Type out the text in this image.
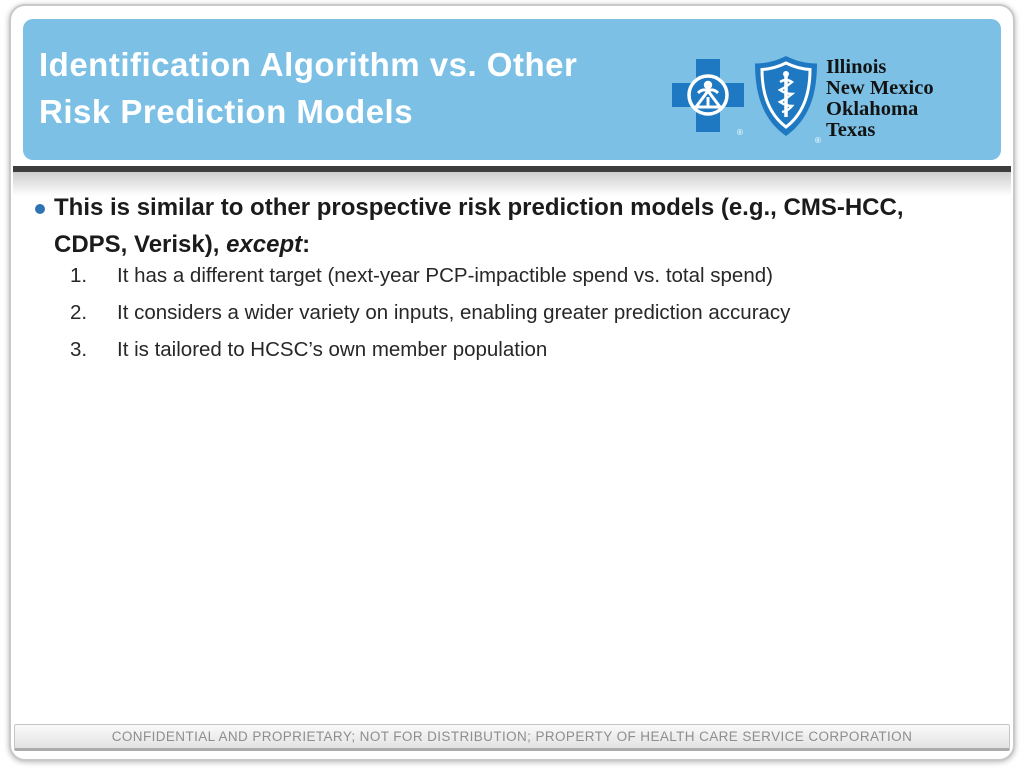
Identification Algorithm vs. Other
Risk Prediction Models
®
®
Illinois
New Mexico
Oklahoma
Texas
This is similar to other prospective risk prediction models (e.g., CMS-HCC, CDPS, Verisk), except:
1.	It has a different target (next-year PCP-impactible spend vs. total spend)
2.	It considers a wider variety on inputs, enabling greater prediction accuracy
3.	It is tailored to HCSC’s own member population
CONFIDENTIAL AND PROPRIETARY; NOT FOR DISTRIBUTION; PROPERTY OF HEALTH CARE SERVICE CORPORATION
